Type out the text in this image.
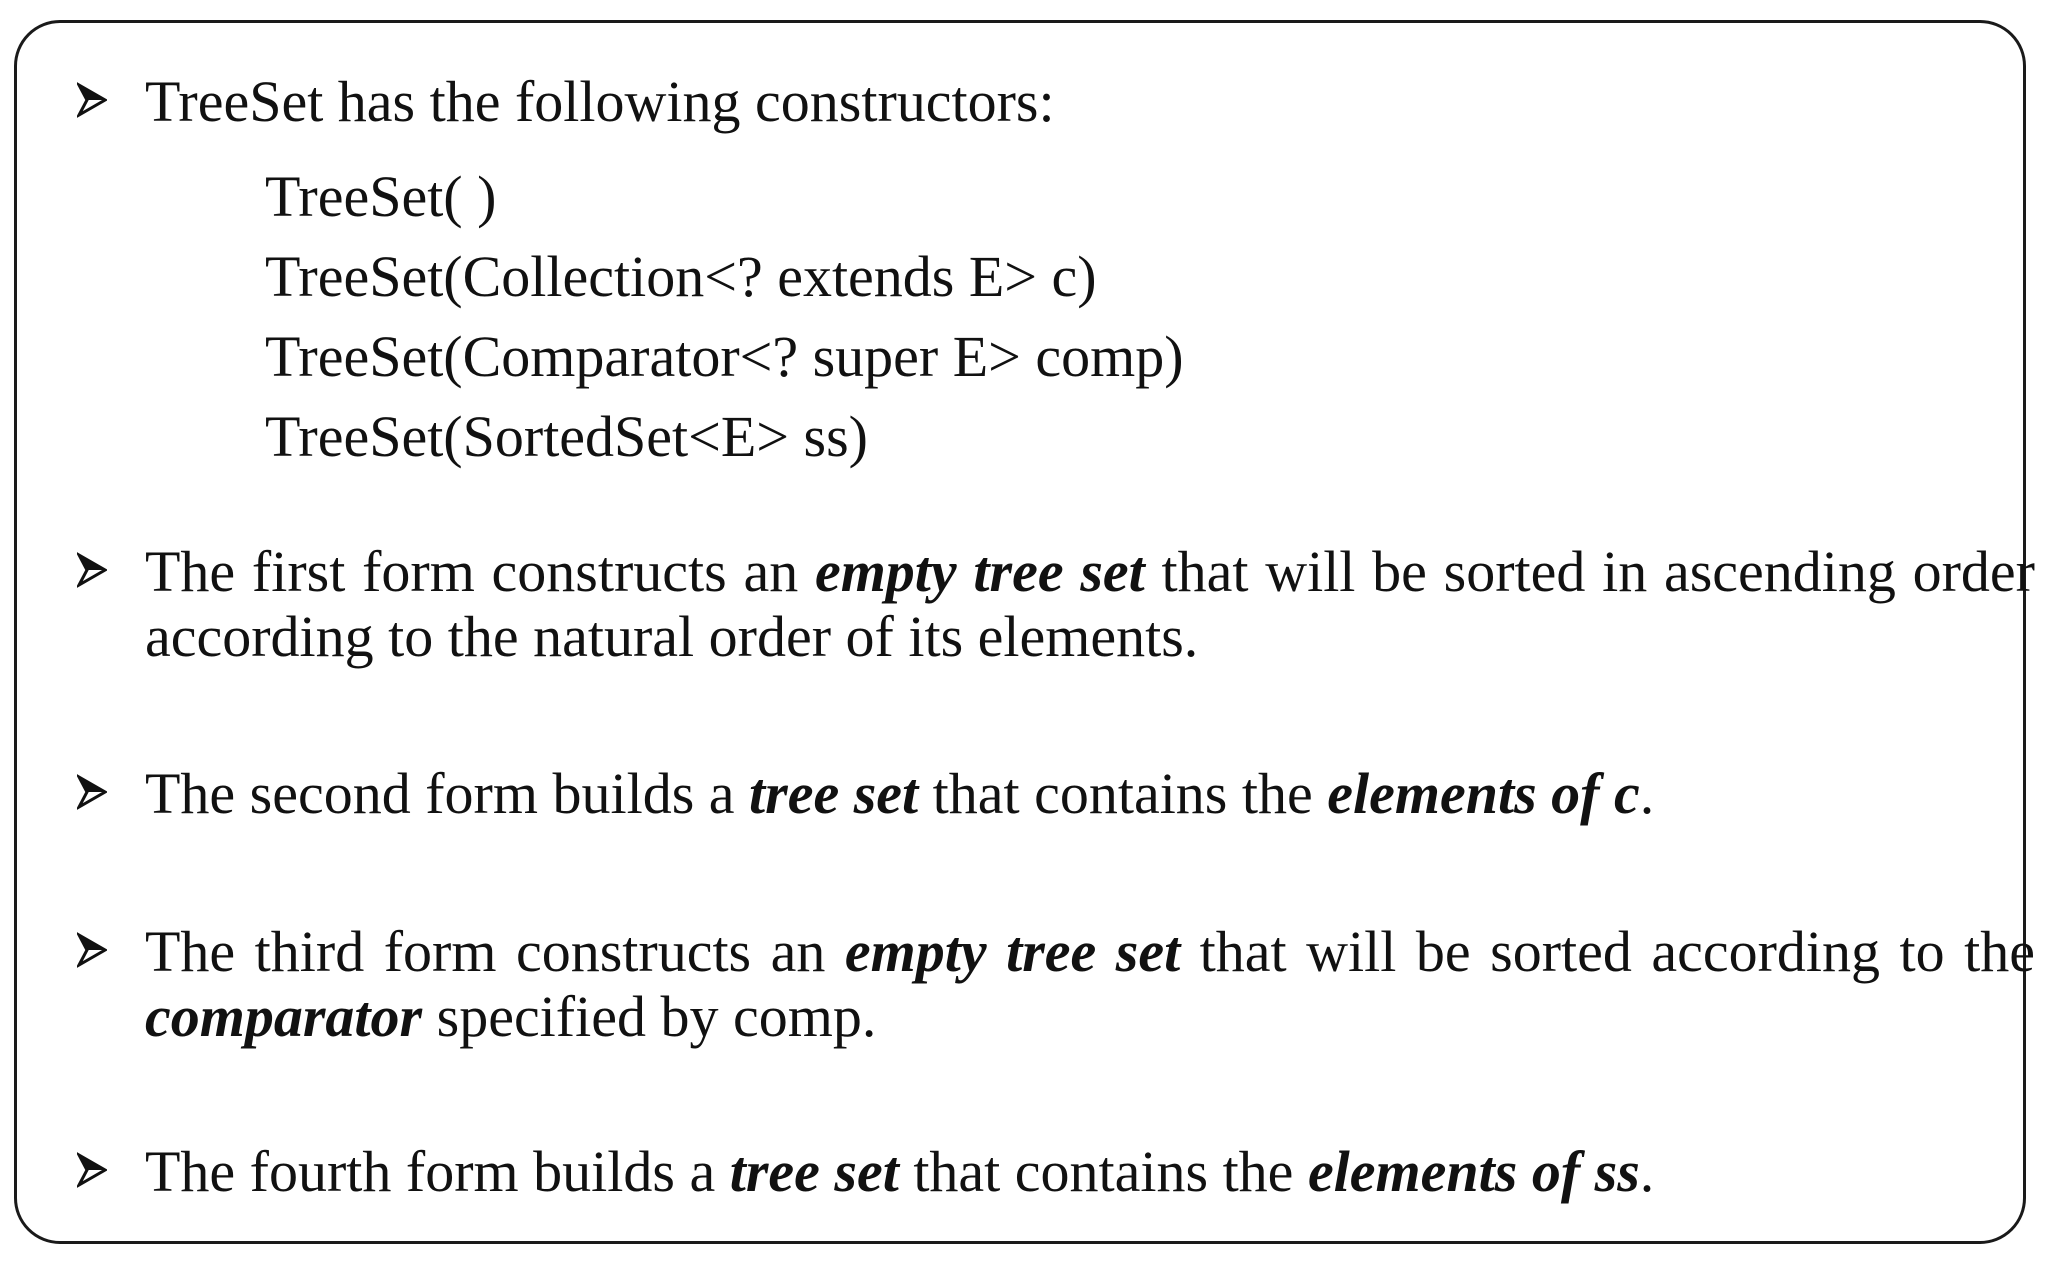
TreeSet has the following constructors:
TreeSet( )
TreeSet(Collection<? extends E> c)
TreeSet(Comparator<? super E> comp)
TreeSet(SortedSet<E> ss)
The first form constructs an empty tree set that will be sorted in ascending order according to the natural order of its elements.
The second form builds a tree set that contains the elements of c.
The third form constructs an empty tree set that will be sorted according to the comparator specified by comp.
The fourth form builds a tree set that contains the elements of ss.
